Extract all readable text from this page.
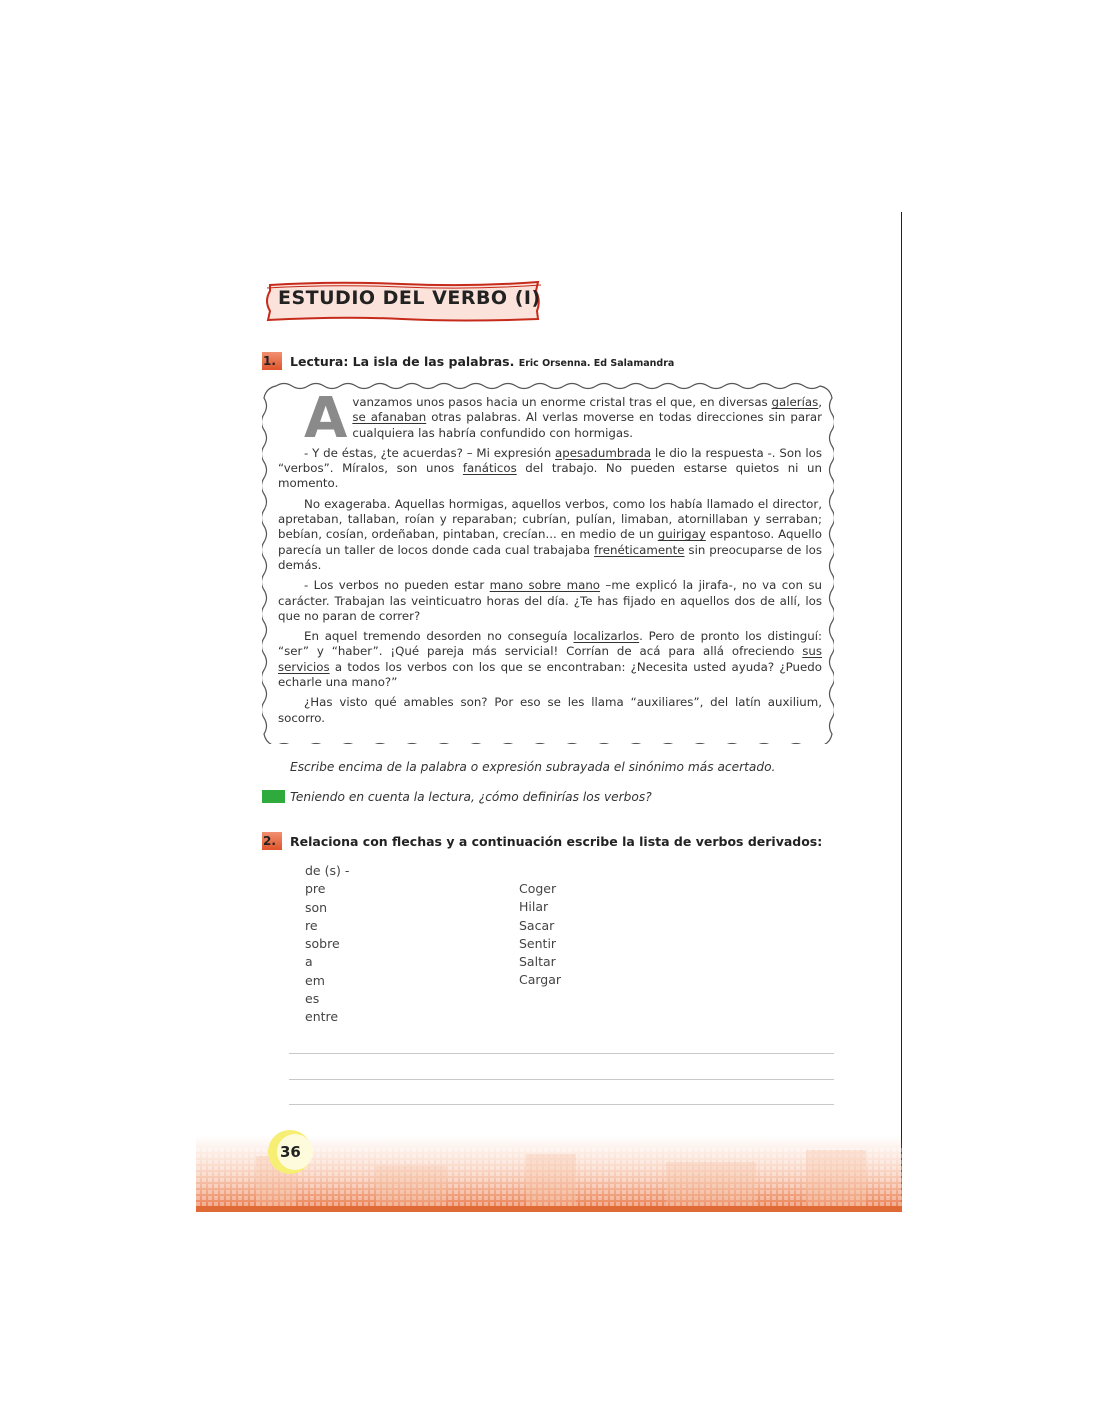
ESTUDIO DEL VERBO (I)
1.	Lectura: La isla de las palabras. Eric Orsenna. Ed Salamandra

Avanzamos unos pasos hacia un enorme cristal tras el que, en diversas galerías, se afanaban otras palabras. Al verlas moverse en todas direcciones sin parar cualquiera las habría confundido con hormigas.

- Y de éstas, ¿te acuerdas? – Mi expresión apesadumbrada le dio la respuesta -. Son los “verbos”. Míralos, son unos fanáticos del trabajo. No pueden estarse quietos ni un momento.

No exageraba. Aquellas hormigas, aquellos verbos, como los había llamado el director, apretaban, tallaban, roían y reparaban; cubrían, pulían, limaban, atornillaban y serraban; bebían, cosían, ordeñaban, pintaban, crecían... en medio de un guirigay espantoso. Aquello parecía un taller de locos donde cada cual trabajaba frenéticamente sin preocuparse de los demás.

- Los verbos no pueden estar mano sobre mano –me explicó la jirafa-, no va con su carácter. Trabajan las veinticuatro horas del día. ¿Te has fijado en aquellos dos de allí, los que no paran de correr?

En aquel tremendo desorden no conseguía localizarlos. Pero de pronto los distinguí: “ser” y “haber”. ¡Qué pareja más servicial! Corrían de acá para allá ofreciendo sus servicios a todos los verbos con los que se encontraban: ¿Necesita usted ayuda? ¿Puedo echarle una mano?”

¿Has visto qué amables son? Por eso se les llama “auxiliares”, del latín auxilium, socorro.

Escribe encima de la palabra o expresión subrayada el sinónimo más acertado.
Teniendo en cuenta la lectura, ¿cómo definirías los verbos?
2.	Relaciona con flechas y a continuación escribe la lista de verbos derivados:
de (s) -
pre
son
re
sobre
a
em
es
entre
Coger
Hilar
Sacar
Sentir
Saltar
Cargar
36
